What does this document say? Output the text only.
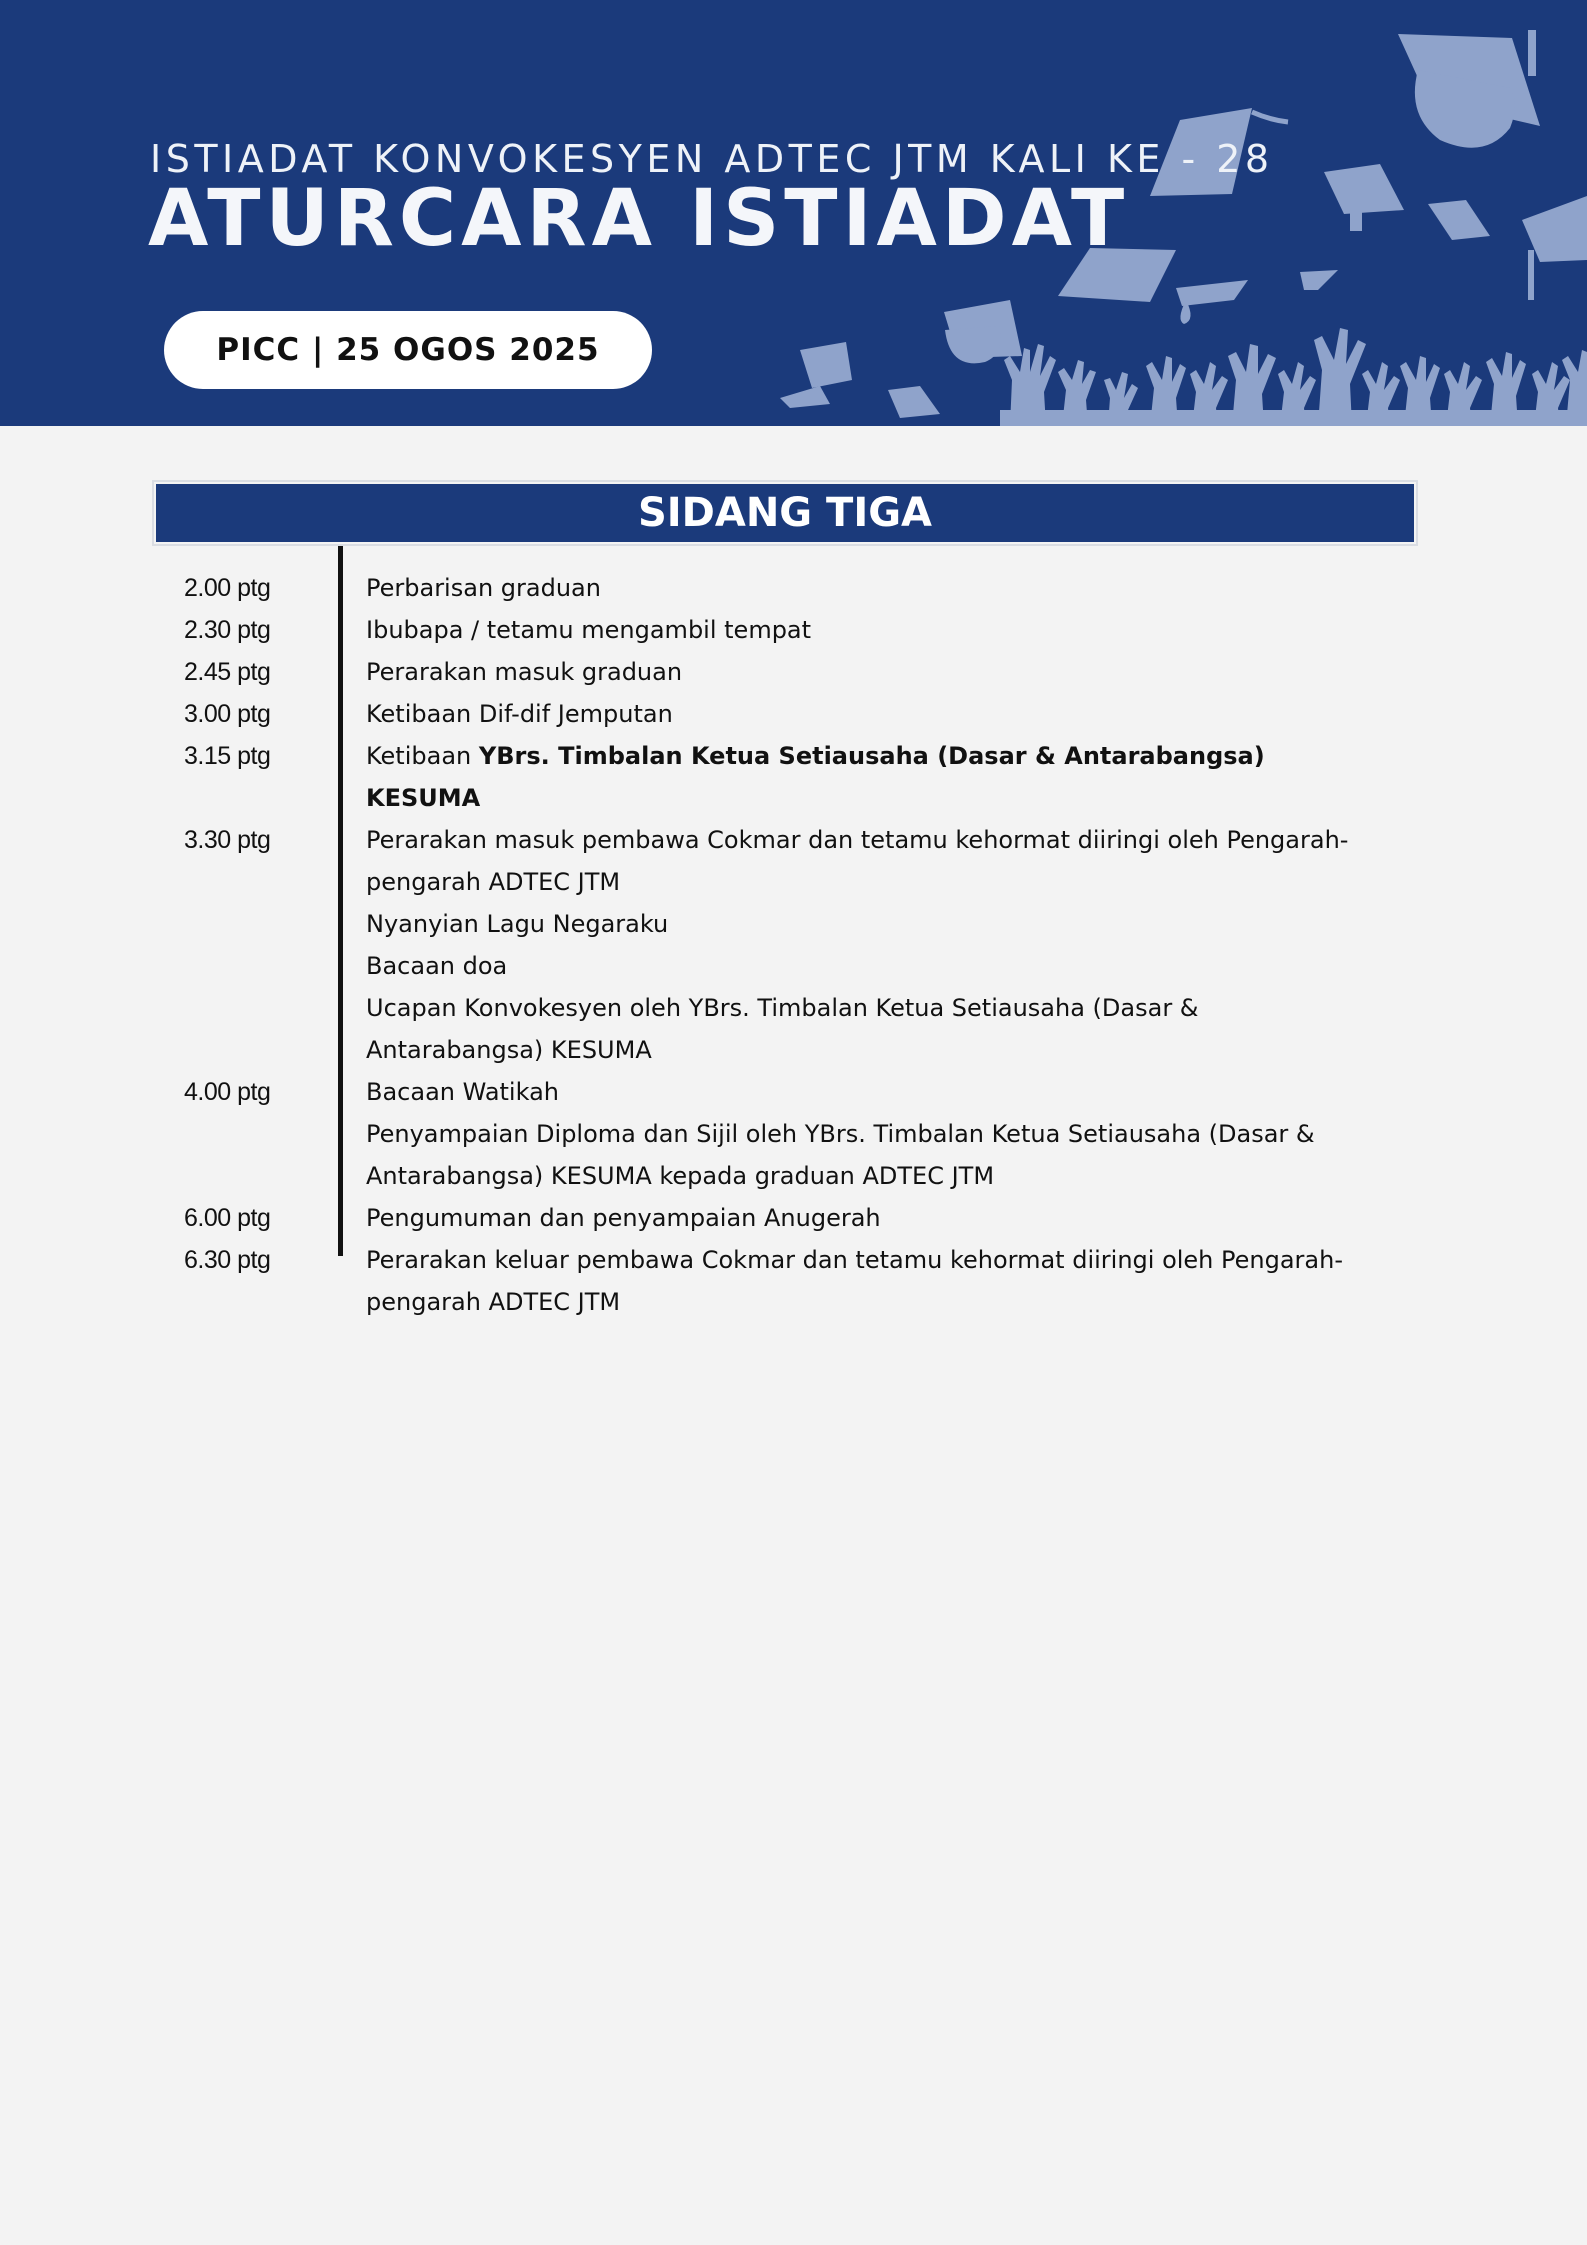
ISTIADAT KONVOKESYEN ADTEC JTM KALI KE - 28
ATURCARA ISTIADAT
PICC | 25 OGOS 2025
SIDANG TIGA
2.00 ptg	Perbarisan graduan
2.30 ptg	Ibubapa / tetamu mengambil tempat
2.45 ptg	Perarakan masuk graduan
3.00 ptg	Ketibaan Dif-dif Jemputan
3.15 ptg	Ketibaan YBrs. Timbalan Ketua Setiausaha (Dasar & Antarabangsa) KESUMA
3.30 ptg	Perarakan masuk pembawa Cokmar dan tetamu kehormat diiringi oleh Pengarah-pengarah ADTEC JTM
Nyanyian Lagu Negaraku
Bacaan doa
Ucapan Konvokesyen oleh YBrs. Timbalan Ketua Setiausaha (Dasar & Antarabangsa) KESUMA
4.00 ptg	Bacaan Watikah
Penyampaian Diploma dan Sijil oleh YBrs. Timbalan Ketua Setiausaha (Dasar & Antarabangsa) KESUMA kepada graduan ADTEC JTM
6.00 ptg	Pengumuman dan penyampaian Anugerah
6.30 ptg	Perarakan keluar pembawa Cokmar dan tetamu kehormat diiringi oleh Pengarah-pengarah ADTEC JTM
